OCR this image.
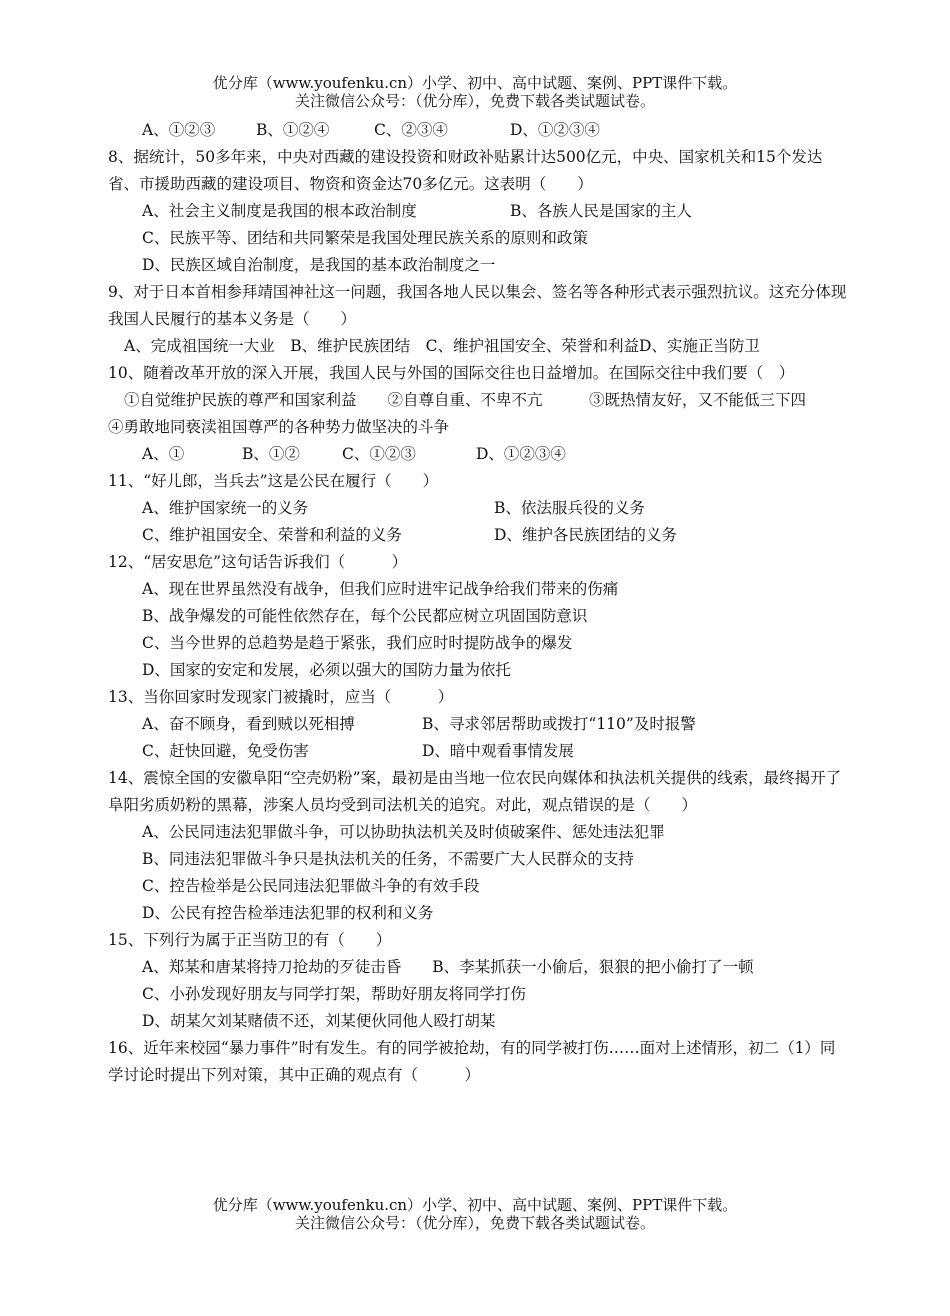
优分库（www.youfenku.cn）小学、初中、高中试题、案例、PPT课件下载。
关注微信公众号：（优分库），免费下载各类试题试卷。
A、①②③	B、①②④	C、②③④	D、①②③④
8、据统计，50多年来，中央对西藏的建设投资和财政补贴累计达500亿元，中央、国家机关和15个发达省、市援助西藏的建设项目、物资和资金达70多亿元。这表明（　　）
A、社会主义制度是我国的根本政治制度	B、各族人民是国家的主人
C、民族平等、团结和共同繁荣是我国处理民族关系的原则和政策
D、民族区域自治制度，是我国的基本政治制度之一
9、对于日本首相参拜靖国神社这一问题，我国各地人民以集会、签名等各种形式表示强烈抗议。这充分体现我国人民履行的基本义务是（　　）
A、完成祖国统一大业　B、维护民族团结　C、维护祖国安全、荣誉和利益D、实施正当防卫
10、随着改革开放的深入开展，我国人民与外国的国际交往也日益增加。在国际交往中我们要（　）
①自觉维护民族的尊严和国家利益　　②自尊自重、不卑不亢　　　③既热情友好，又不能低三下四　　④勇敢地同亵渎祖国尊严的各种势力做坚决的斗争
A、①	B、①②	C、①②③	D、①②③④
11、“好儿郎，当兵去”这是公民在履行（　　）
A、维护国家统一的义务	B、依法服兵役的义务
C、维护祖国安全、荣誉和利益的义务	D、维护各民族团结的义务
12、“居安思危”这句话告诉我们（　　　）
A、现在世界虽然没有战争，但我们应时进牢记战争给我们带来的伤痛
B、战争爆发的可能性依然存在，每个公民都应树立巩固国防意识
C、当今世界的总趋势是趋于紧张，我们应时时提防战争的爆发
D、国家的安定和发展，必须以强大的国防力量为依托
13、当你回家时发现家门被撬时，应当（　　　）
A、奋不顾身，看到贼以死相搏	B、寻求邻居帮助或拨打“110”及时报警
C、赶快回避，免受伤害	D、暗中观看事情发展
14、震惊全国的安徽阜阳“空壳奶粉”案，最初是由当地一位农民向媒体和执法机关提供的线索，最终揭开了阜阳劣质奶粉的黑幕，涉案人员均受到司法机关的追究。对此，观点错误的是（　　）
A、公民同违法犯罪做斗争，可以协助执法机关及时侦破案件、惩处违法犯罪
B、同违法犯罪做斗争只是执法机关的任务，不需要广大人民群众的支持
C、控告检举是公民同违法犯罪做斗争的有效手段
D、公民有控告检举违法犯罪的权利和义务
15、下列行为属于正当防卫的有（　　）
A、郑某和唐某将持刀抢劫的歹徒击昏　　B、李某抓获一小偷后，狠狠的把小偷打了一顿
C、小孙发现好朋友与同学打架，帮助好朋友将同学打伤
D、胡某欠刘某赌债不还，刘某便伙同他人殴打胡某
16、近年来校园“暴力事件”时有发生。有的同学被抢劫，有的同学被打伤……面对上述情形，初二（1）同学讨论时提出下列对策，其中正确的观点有（　　　）
优分库（www.youfenku.cn）小学、初中、高中试题、案例、PPT课件下载。
关注微信公众号：（优分库），免费下载各类试题试卷。
